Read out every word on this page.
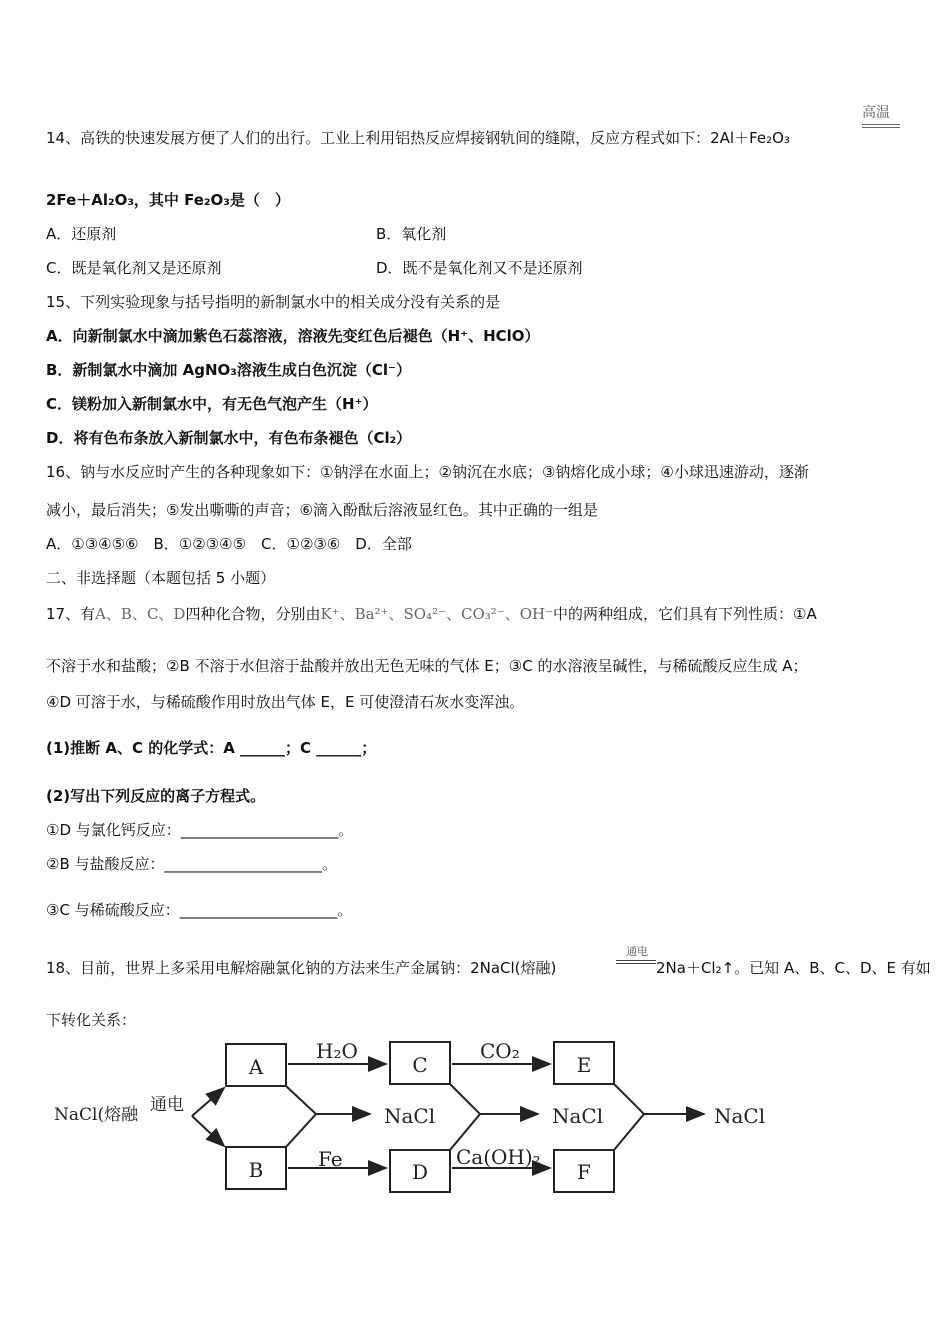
高温
14、高铁的快速发展方便了人们的出行。工业上利用铝热反应焊接钢轨间的缝隙，反应方程式如下：2Al＋Fe₂O₃
2Fe＋Al₂O₃，其中 Fe₂O₃是（　）
A．还原剂	B．氧化剂
C．既是氧化剂又是还原剂	D．既不是氧化剂又不是还原剂
15、下列实验现象与括号指明的新制氯水中的相关成分没有关系的是
A．向新制氯水中滴加紫色石蕊溶液，溶液先变红色后褪色（H⁺、HClO）
B．新制氯水中滴加 AgNO₃溶液生成白色沉淀（Cl⁻）
C．镁粉加入新制氯水中，有无色气泡产生（H⁺）
D．将有色布条放入新制氯水中，有色布条褪色（Cl₂）
16、钠与水反应时产生的各种现象如下：①钠浮在水面上；②钠沉在水底；③钠熔化成小球；④小球迅速游动，逐渐
减小，最后消失；⑤发出嘶嘶的声音；⑥滴入酚酞后溶液显红色。其中正确的一组是
A．①③④⑤⑥　B．①②③④⑤　C．①②③⑥　D．全部
二、非选择题（本题包括 5 小题）
17、有A、B、C、D四种化合物，分别由K⁺、Ba²⁺、SO₄²⁻、CO₃²⁻、OH⁻中的两种组成，它们具有下列性质：①A
不溶于水和盐酸；②B 不溶于水但溶于盐酸并放出无色无味的气体 E；③C 的水溶液呈碱性，与稀硫酸反应生成 A；
④D 可溶于水，与稀硫酸作用时放出气体 E，E 可使澄清石灰水变浑浊。
(1)推断 A、C 的化学式：A ______；C ______；
(2)写出下列反应的离子方程式。
①D 与氯化钙反应：_____________________。
②B 与盐酸反应：_____________________。
③C 与稀硫酸反应：_____________________。
通电
18、目前，世界上多采用电解熔融氯化钠的方法来生产金属钠：2NaCl(熔融)	2Na＋Cl₂↑。已知 A、B、C、D、E 有如
下转化关系：
NaCl(熔融 通电
A
B
C
D
E
F
H₂O	CO₂
Fe	Ca(OH)₂
NaCl	NaCl	NaCl
